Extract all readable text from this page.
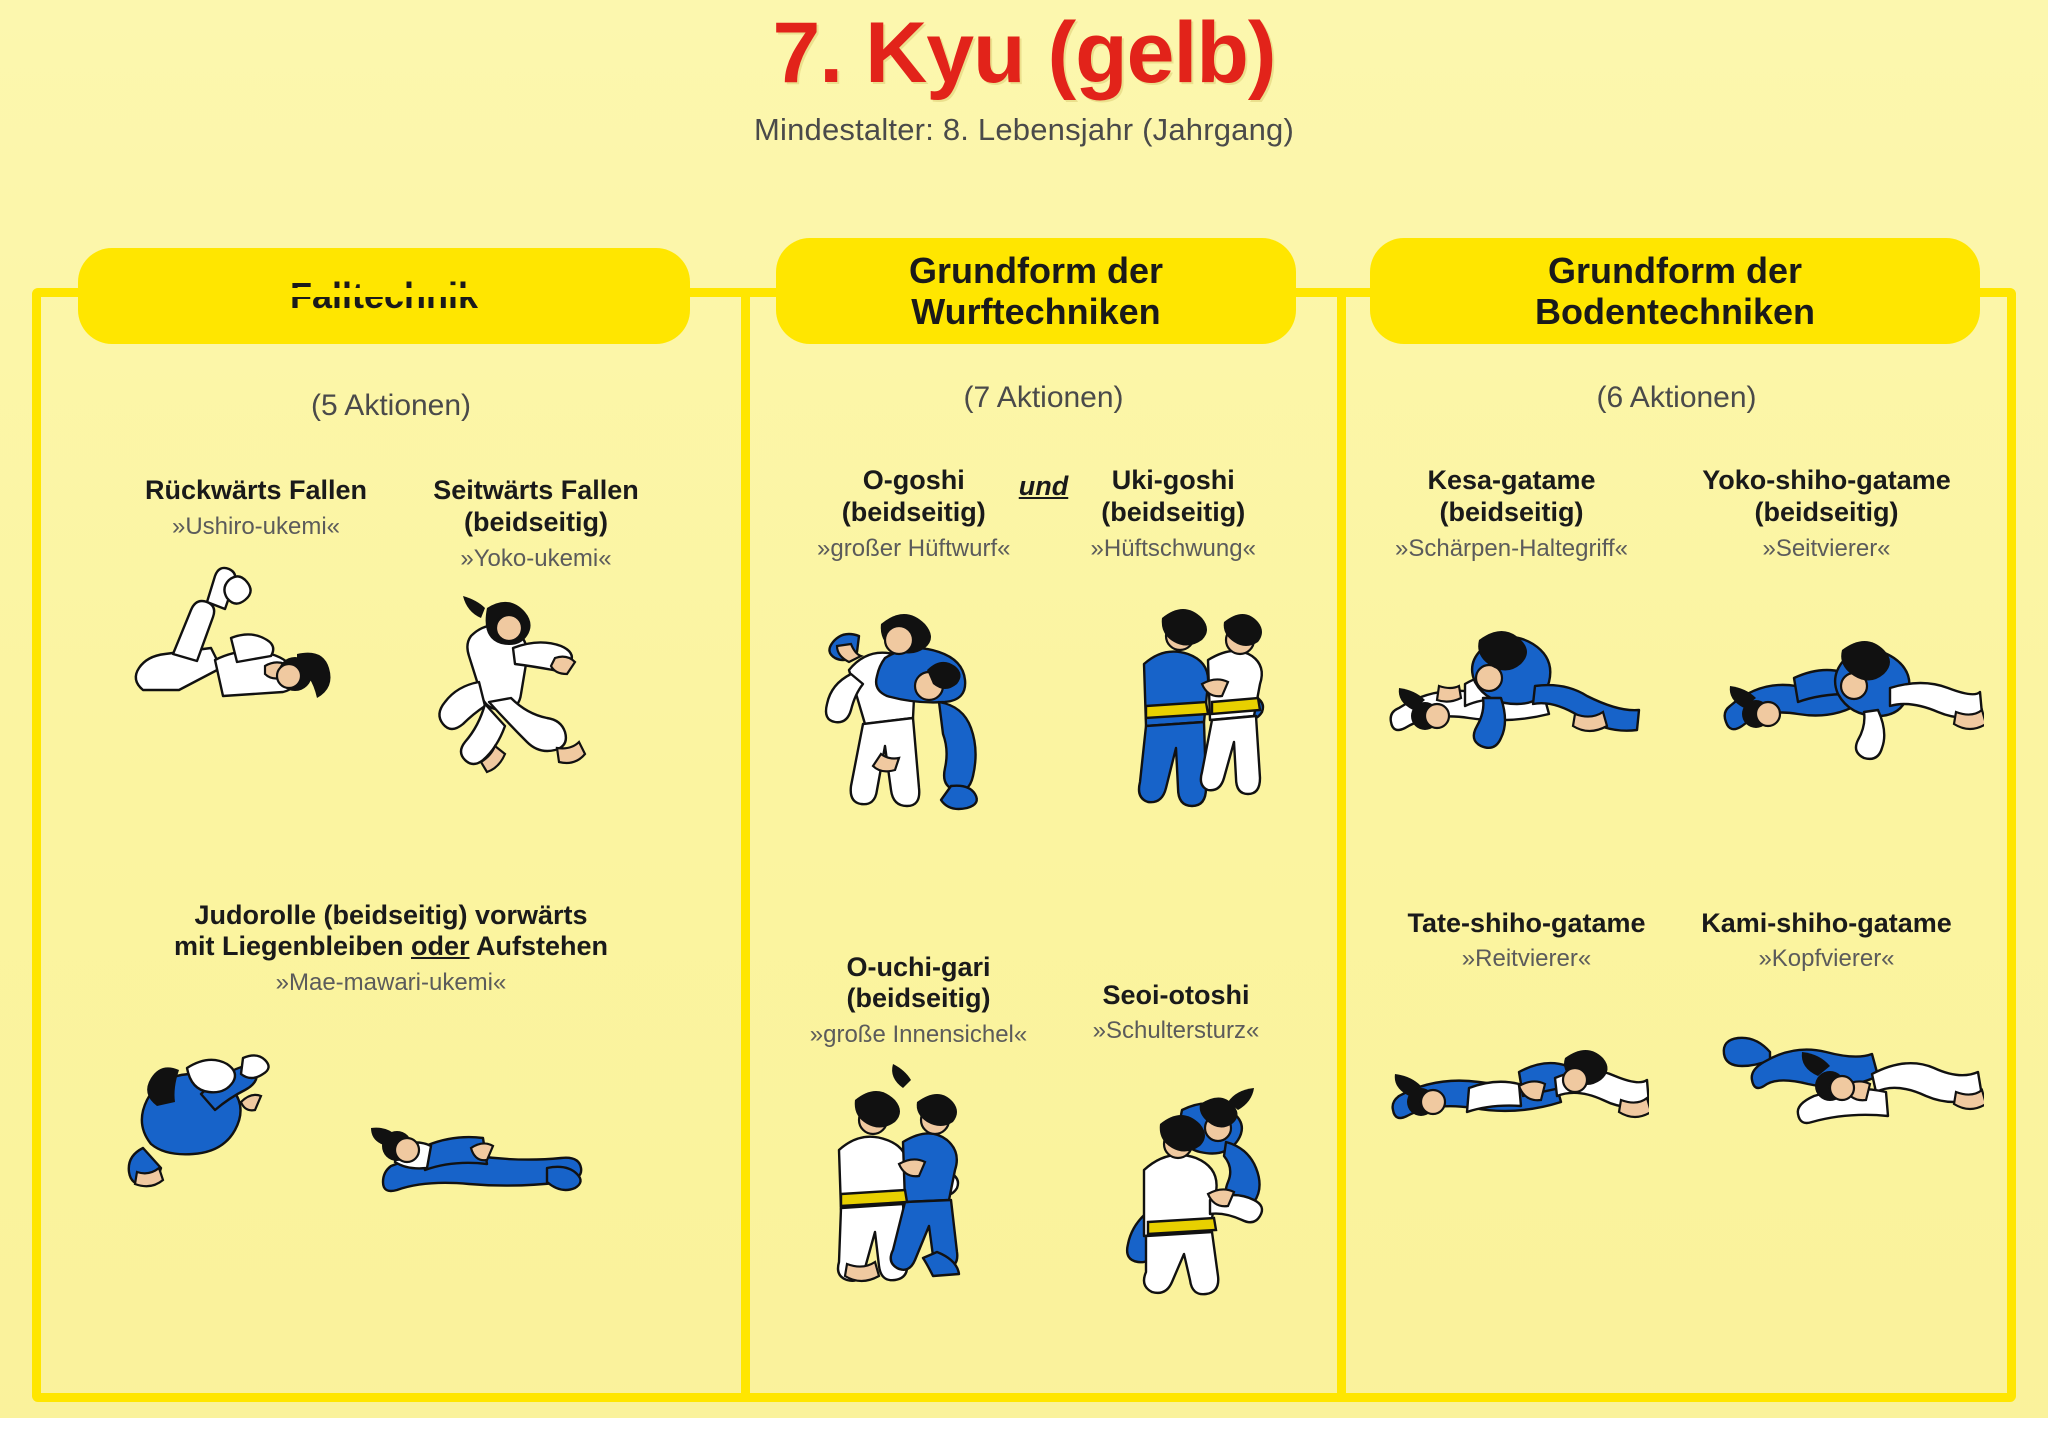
7. Kyu (gelb)
Mindestalter: 8. Lebensjahr (Jahrgang)
Falltechnik
Grundform der
Wurftechniken
Grundform der
Bodentechniken
(5 Aktionen)
Rückwärts Fallen
»Ushiro-ukemi«
Seitwärts Fallen
(beidseitig)
»Yoko-ukemi«
Judorolle (beidseitig) vorwärts
mit Liegenbleiben oder Aufstehen
»Mae-mawari-ukemi«
(7 Aktionen)
O-goshi
(beidseitig)
»großer Hüftwurf«
und	Uki-goshi
(beidseitig)
»Hüftschwung«
O-uchi-gari
(beidseitig)
»große Innensichel«
Seoi-otoshi
»Schultersturz«
(6 Aktionen)
Kesa-gatame
(beidseitig)
»Schärpen-Haltegriff«
Yoko-shiho-gatame
(beidseitig)
»Seitvierer«
Tate-shiho-gatame
»Reitvierer«
Kami-shiho-gatame
»Kopfvierer«
